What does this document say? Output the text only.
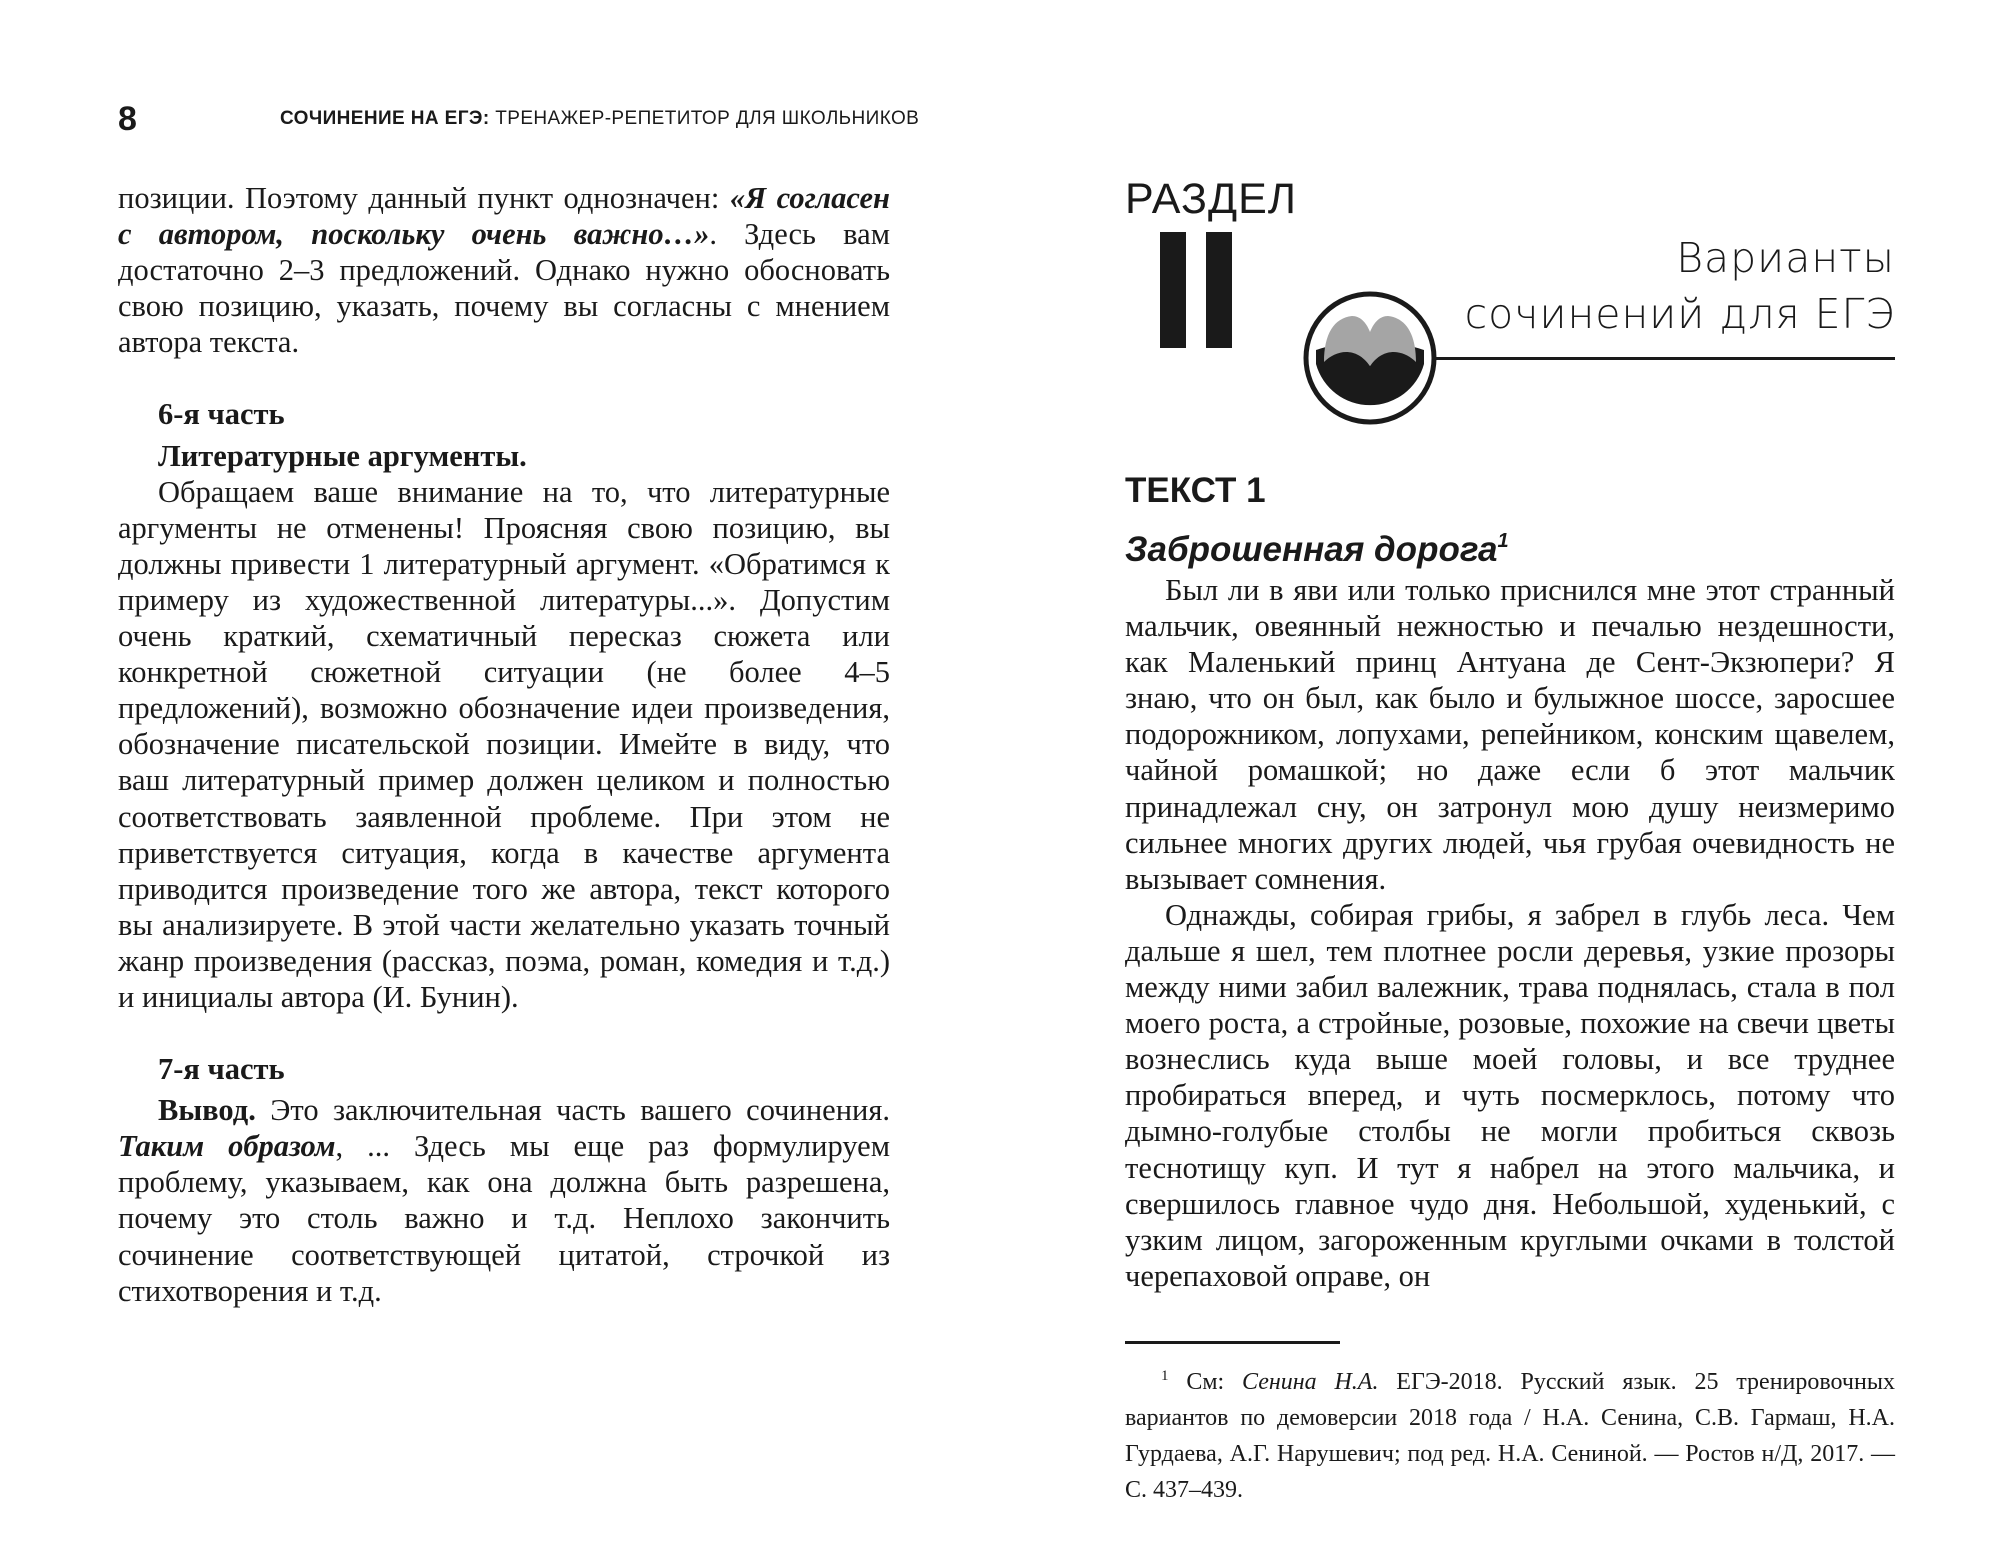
8	СОЧИНЕНИЕ НА ЕГЭ: ТРЕНАЖЕР-РЕПЕТИТОР ДЛЯ ШКОЛЬНИКОВ

позиции. Поэтому данный пункт однозначен: «Я согласен с автором, поскольку очень важно…». Здесь вам достаточно 2–3 предложений. Однако нужно обосновать свою позицию, указать, почему вы согласны с мнением автора текста.

6-я часть
Литературные аргументы.

Обращаем ваше внимание на то, что литературные аргументы не отменены! Проясняя свою позицию, вы должны привести 1 литературный аргумент. «Обратимся к примеру из художественной литературы...». Допустим очень краткий, схематичный пересказ сюжета или конкретной сюжетной ситуации (не более 4–5 предложений), возможно обозначение идеи произведения, обозначение писательской позиции. Имейте в виду, что ваш литературный пример должен целиком и полностью соответствовать заявленной проблеме. При этом не приветствуется ситуация, когда в качестве аргумента приводится произведение того же автора, текст которого вы анализируете. В этой части желательно указать точный жанр произведения (рассказ, поэма, роман, комедия и т.д.) и инициалы автора (И. Бунин).

7-я часть

Вывод. Это заключительная часть вашего сочинения. Таким образом, ... Здесь мы еще раз формулируем проблему, указываем, как она должна быть разрешена, почему это столь важно и т.д. Неплохо закончить сочинение соответствующей цитатой, строчкой из стихотворения и т.д.

РАЗДЕЛ
Варианты
сочинений для ЕГЭ
ТЕКСТ 1
Заброшенная дорога$^1$

Был ли в яви или только приснился мне этот странный мальчик, овеянный нежностью и печалью нездешности, как Маленький принц Антуана де Сент-Экзюпери? Я знаю, что он был, как было и булыжное шоссе, заросшее подорожником, лопухами, репейником, конским щавелем, чайной ромашкой; но даже если б этот мальчик принадлежал сну, он затронул мою душу неизмеримо сильнее многих других людей, чья грубая очевидность не вызывает сомнения.

Однажды, собирая грибы, я забрел в глубь леса. Чем дальше я шел, тем плотнее росли деревья, узкие прозоры между ними забил валежник, трава поднялась, стала в пол моего роста, а стройные, розовые, похожие на свечи цветы вознеслись куда выше моей головы, и все труднее пробираться вперед, и чуть посмерклось, потому что дымно-голубые столбы не могли пробиться сквозь теснотищу куп. И тут я набрел на этого мальчика, и свершилось главное чудо дня. Небольшой, худенький, с узким лицом, загороженным круглыми очками в толстой черепаховой оправе, он

$^1$ См: Сенина Н.А. ЕГЭ-2018. Русский язык. 25 тренировочных вариантов по демоверсии 2018 года / Н.А. Сенина, С.В. Гармаш, Н.А. Гурдаева, А.Г. Нарушевич; под ред. Н.А. Сениной. — Ростов н/Д, 2017. — С. 437–439.
